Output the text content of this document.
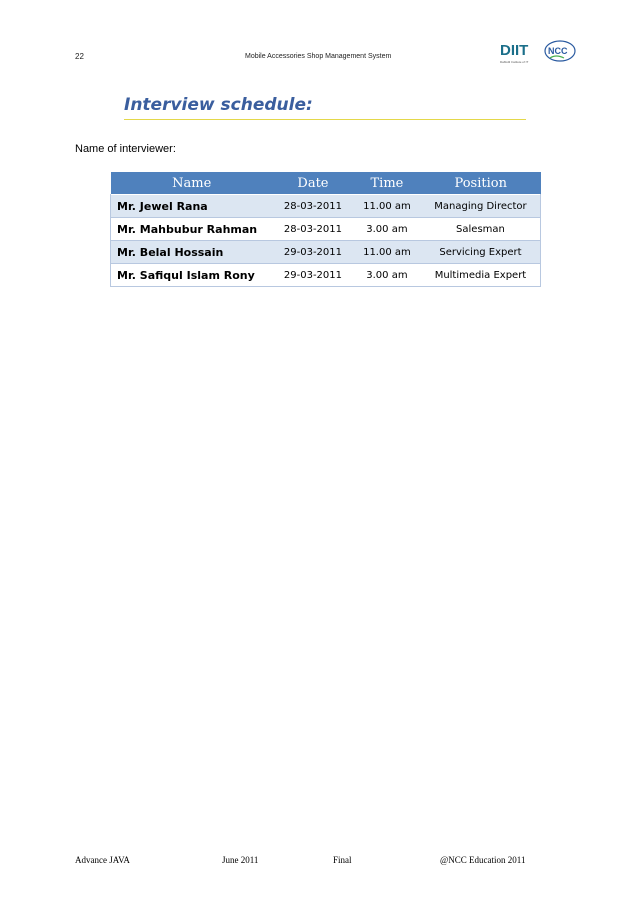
22	Mobile Accessories Shop Management System	DIIT NCC
Daffodil Institute of IT
Interview schedule:
Name of interviewer:
Name	Date	Time	Position
Mr. Jewel Rana	28-03-2011	11.00 am	Managing Director
Mr. Mahbubur Rahman	28-03-2011	3.00 am	Salesman
Mr. Belal Hossain	29-03-2011	11.00 am	Servicing Expert
Mr. Safiqul Islam Rony	29-03-2011	3.00 am	Multimedia Expert
Advance JAVA	June 2011	Final	@NCC Education 2011
